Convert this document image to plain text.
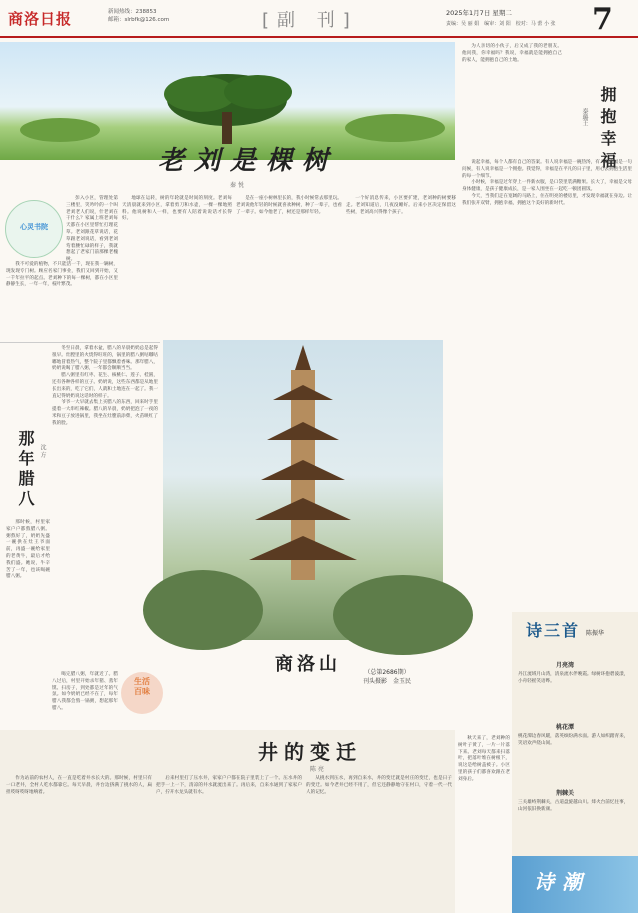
商洛日报	新闻热线：238853
邮箱：slrbfk@126.com	[副 刊]	2025年1月7日 星期二
责编：吴 丽 娟　编审：刘 阳　校对：马 蕾 小 张 7
老刘是棵树
秦 悦

为人亲切的小伙子，后又成了我的老朋友。他问我，你幸福吗？我说，幸福就是能拥抱自己的家人，能拥抱自己的土地。

拥抱幸福
秦璐王

说起幸福，每个人都有自己的答案。有人说幸福是一碗热汤，有人说幸福是一句问候，有人说幸福是一个拥抱。我觉得，幸福是在平凡的日子里，用心去拥抱生活里的每一个细节。

小时候，幸福是过年穿上一件新衣服，是口袋里装满糖果。长大了，幸福是父母身体健康，是孩子健康成长，是一家人围坐在一起吃一顿团圆饭。

今天，当我们走在宽阔的马路上，住在明亮的楼房里，才发现幸福就在身边。让我们张开双臂，拥抱幸福，拥抱这个美好的新时代。

心灵书院

彭入小区，管理处第三楼里，笑吟吟的一个叫老刘老人们说，什老刘在干什么？家属上班老刘每天都在小区里帮忙打理花草。老刘跟花草说话，花草跟老刘说话，看到老刘弯着腰忙碌的样子，我就想起了老家门前那棵老槐树。

我不可爱的植物，不只能活一千，现在我一辆树，现发现专门树。顾应名家门事业，我们又回到开始，又一千年拉平的起点。老刘种下的每一棵树，都在小区里静静生长，一年一年，枝叶繁茂。

地球在运转，树的年轮就是时间的刻度。老刘每天清晨就来到小区，拿着剪刀和水壶，一棵一棵地照料。他说树和人一样，也要有人陪着说说话才长得好。

是在一座小树林里长的，我小时候常去那里玩。老刘说他年轻的时候就喜欢种树，种了一辈子，也看了一辈子。如今他老了，树还是那样年轻。

一个好消息传来，小区要扩建，老刘种的树要移走。老刘知道后，几夜没睡好。后来小区决定保留这些树，老刘高兴得像个孩子。

那年腊八 沈 方

冬至日晨，拿着水盆，腊八的早晨奶奶总是起得很早。灶膛里的火烧得旺旺的，锅里的腊八粥咕嘟咕嘟地冒着热气，整个院子里都飘着香味。那年腊八，奶奶说喝了腊八粥，一年都会顺顺当当。

腊八粥里有红枣、花生、核桃仁、莲子、桂圆，还有各种各样的豆子。奶奶说，这些东西都是从地里长出来的，吃了它们，人就和土地连在一起了。我一直记得奶奶说这话时的样子。

爷爷一大早就去集上买腊八的东西，回来时手里提着一大串红辣椒。腊八的早晨，奶奶把泡了一夜的米和豆子放进锅里，我坐在灶膛前添柴，火苗映红了我的脸。

那时候，村里家家户户都熬腊八粥。粥熬好了，奶奶先盛一碗供在灶王爷面前，再盛一碗给家里的老黄牛，最后才给我们盛。她说，牛辛苦了一年，也该喝碗腊八粥。

喝完腊八粥，年就近了。腊八过后，村里开始杀年猪、蒸年馍、扫房子，到处都是过年的气氛。如今奶奶已经不在了，每年腊八我都会熬一锅粥，想起那年腊八。

生活
百味
商洛山	（总第2686期）
刊头摄影　金玉民
井的变迁
陈 亮

作为站前的农村人，在一直是吃着井水长大的。那时候，村里只有一口老井，全村人吃水都靠它。每天早晨，井台边挤满了挑水的人，扁担吱呀吱呀地响着。

后来村里打了压水井，家家户户都在院子里装上了一个。压水井的把手一上一下，清凉的井水就流出来了。再后来，自来水通到了家家户户，拧开水龙头就有水。

从挑水到压水，再到自来水，井的变迁就是村庄的变迁，也是日子的变迁。如今老井已经不用了，但它还静静地守在村口，守着一代一代人的记忆。

秋天来了，老刘种的树叶子黄了，一片一片落下来。老刘每天都来扫落叶，把落叶堆在树根下，说这是给树盖被子。小区里的孩子们都喜欢跟在老刘身后。

诗三首 陈振华
月亮湾
丹江流域月山湾，清泉流水伴晚霞。绿树环抱碧波漾，小舟轻摇笑语哗。
桃花潭
桃花潭边春风暖，落英缤纷满水面。游人如织踏青来，笑语欢声绕山间。
荆棘关
三关雄峙荆棘关，古道盘旋越山川。烽火台前忆往事，山河依旧换新颜。
诗潮
